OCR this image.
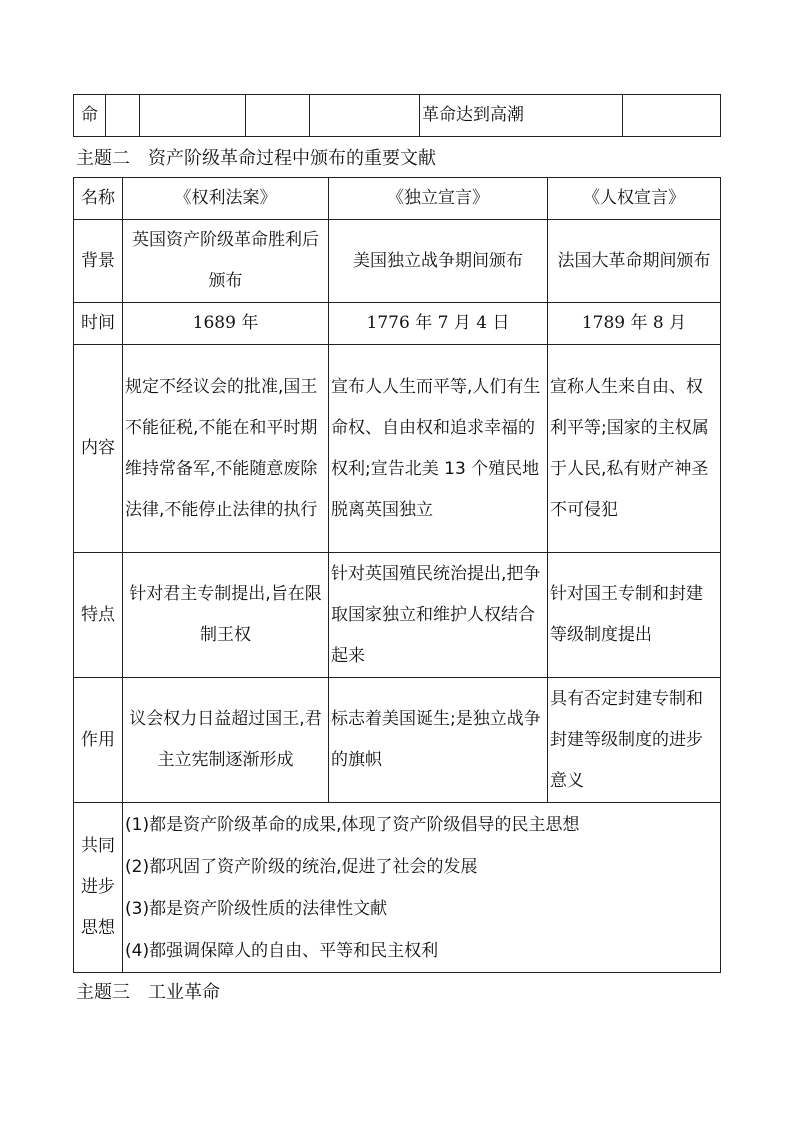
命					革命达到高潮	
主题二　资产阶级革命过程中颁布的重要文献
名称	《权利法案》	《独立宣言》	《人权宣言》
背景	英国资产阶级革命胜利后颁布	美国独立战争期间颁布	法国大革命期间颁布
时间	1689 年	1776 年 7 月 4 日	1789 年 8 月
内容	规定不经议会的批准,国王不能征税,不能在和平时期维持常备军,不能随意废除法律,不能停止法律的执行	宣布人人生而平等,人们有生命权、自由权和追求幸福的权利;宣告北美 13 个殖民地脱离英国独立	宣称人生来自由、权利平等;国家的主权属于人民,私有财产神圣不可侵犯
特点	针对君主专制提出,旨在限制王权	针对英国殖民统治提出,把争取国家独立和维护人权结合起来	针对国王专制和封建等级制度提出
作用	议会权力日益超过国王,君主立宪制逐渐形成	标志着美国诞生;是独立战争的旗帜	具有否定封建专制和封建等级制度的进步意义
共同进步思想	(1)都是资产阶级革命的成果,体现了资产阶级倡导的民主思想
(2)都巩固了资产阶级的统治,促进了社会的发展
(3)都是资产阶级性质的法律性文献
(4)都强调保障人的自由、平等和民主权利		
主题三　工业革命
